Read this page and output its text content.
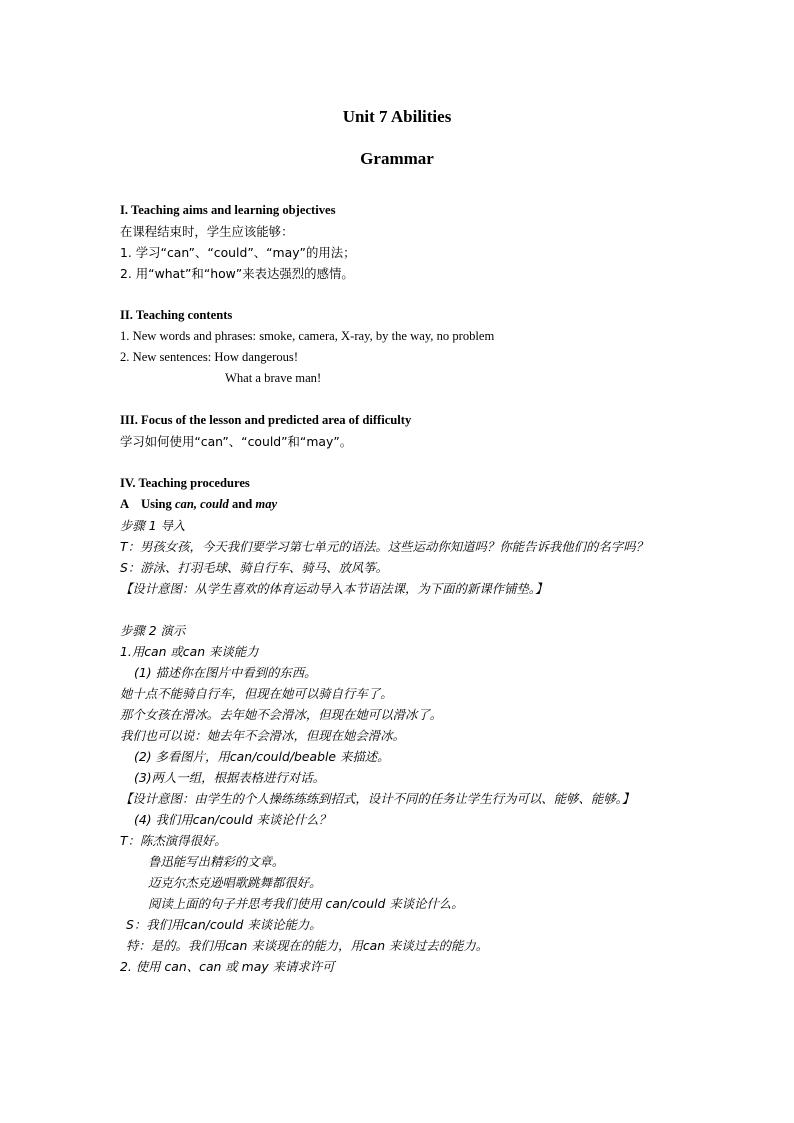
Unit 7 Abilities
Grammar
I. Teaching aims and learning objectives
在课程结束时，学生应该能够：
1. 学习“can”、“could”、“may”的用法；
2. 用“what”和“how”来表达强烈的感情。
II. Teaching contents
1. New words and phrases: smoke, camera, X-ray, by the way, no problem
2. New sentences: How dangerous!
What a brave man!
III. Focus of the lesson and predicted area of difficulty
学习如何使用“can”、“could”和“may”。
IV. Teaching procedures
A    Using can, could and may
步骤 1 导入
T：男孩女孩，今天我们要学习第七单元的语法。这些运动你知道吗？你能告诉我他们的名字吗？
S：游泳、打羽毛球、骑自行车、骑马、放风筝。
【设计意图：从学生喜欢的体育运动导入本节语法课，为下面的新课作铺垫。】
步骤 2 演示
1.用can 或can 来谈能力
(1) 描述你在图片中看到的东西。
她十点不能骑自行车，但现在她可以骑自行车了。
那个女孩在滑冰。去年她不会滑冰，但现在她可以滑冰了。
我们也可以说：她去年不会滑冰，但现在她会滑冰。
(2) 多看图片，用can/could/beable 来描述。
(3)两人一组，根据表格进行对话。
【设计意图：由学生的个人操练练练到招式，设计不同的任务让学生行为可以、能够、能够。】
(4) 我们用can/could 来谈论什么？
T：陈杰演得很好。
鲁迅能写出精彩的文章。
迈克尔杰克逊唱歌跳舞都很好。
阅读上面的句子并思考我们使用 can/could 来谈论什么。
S：我们用can/could 来谈论能力。
特：是的。我们用can 来谈现在的能力，用can 来谈过去的能力。
2. 使用 can、can 或 may 来请求许可
